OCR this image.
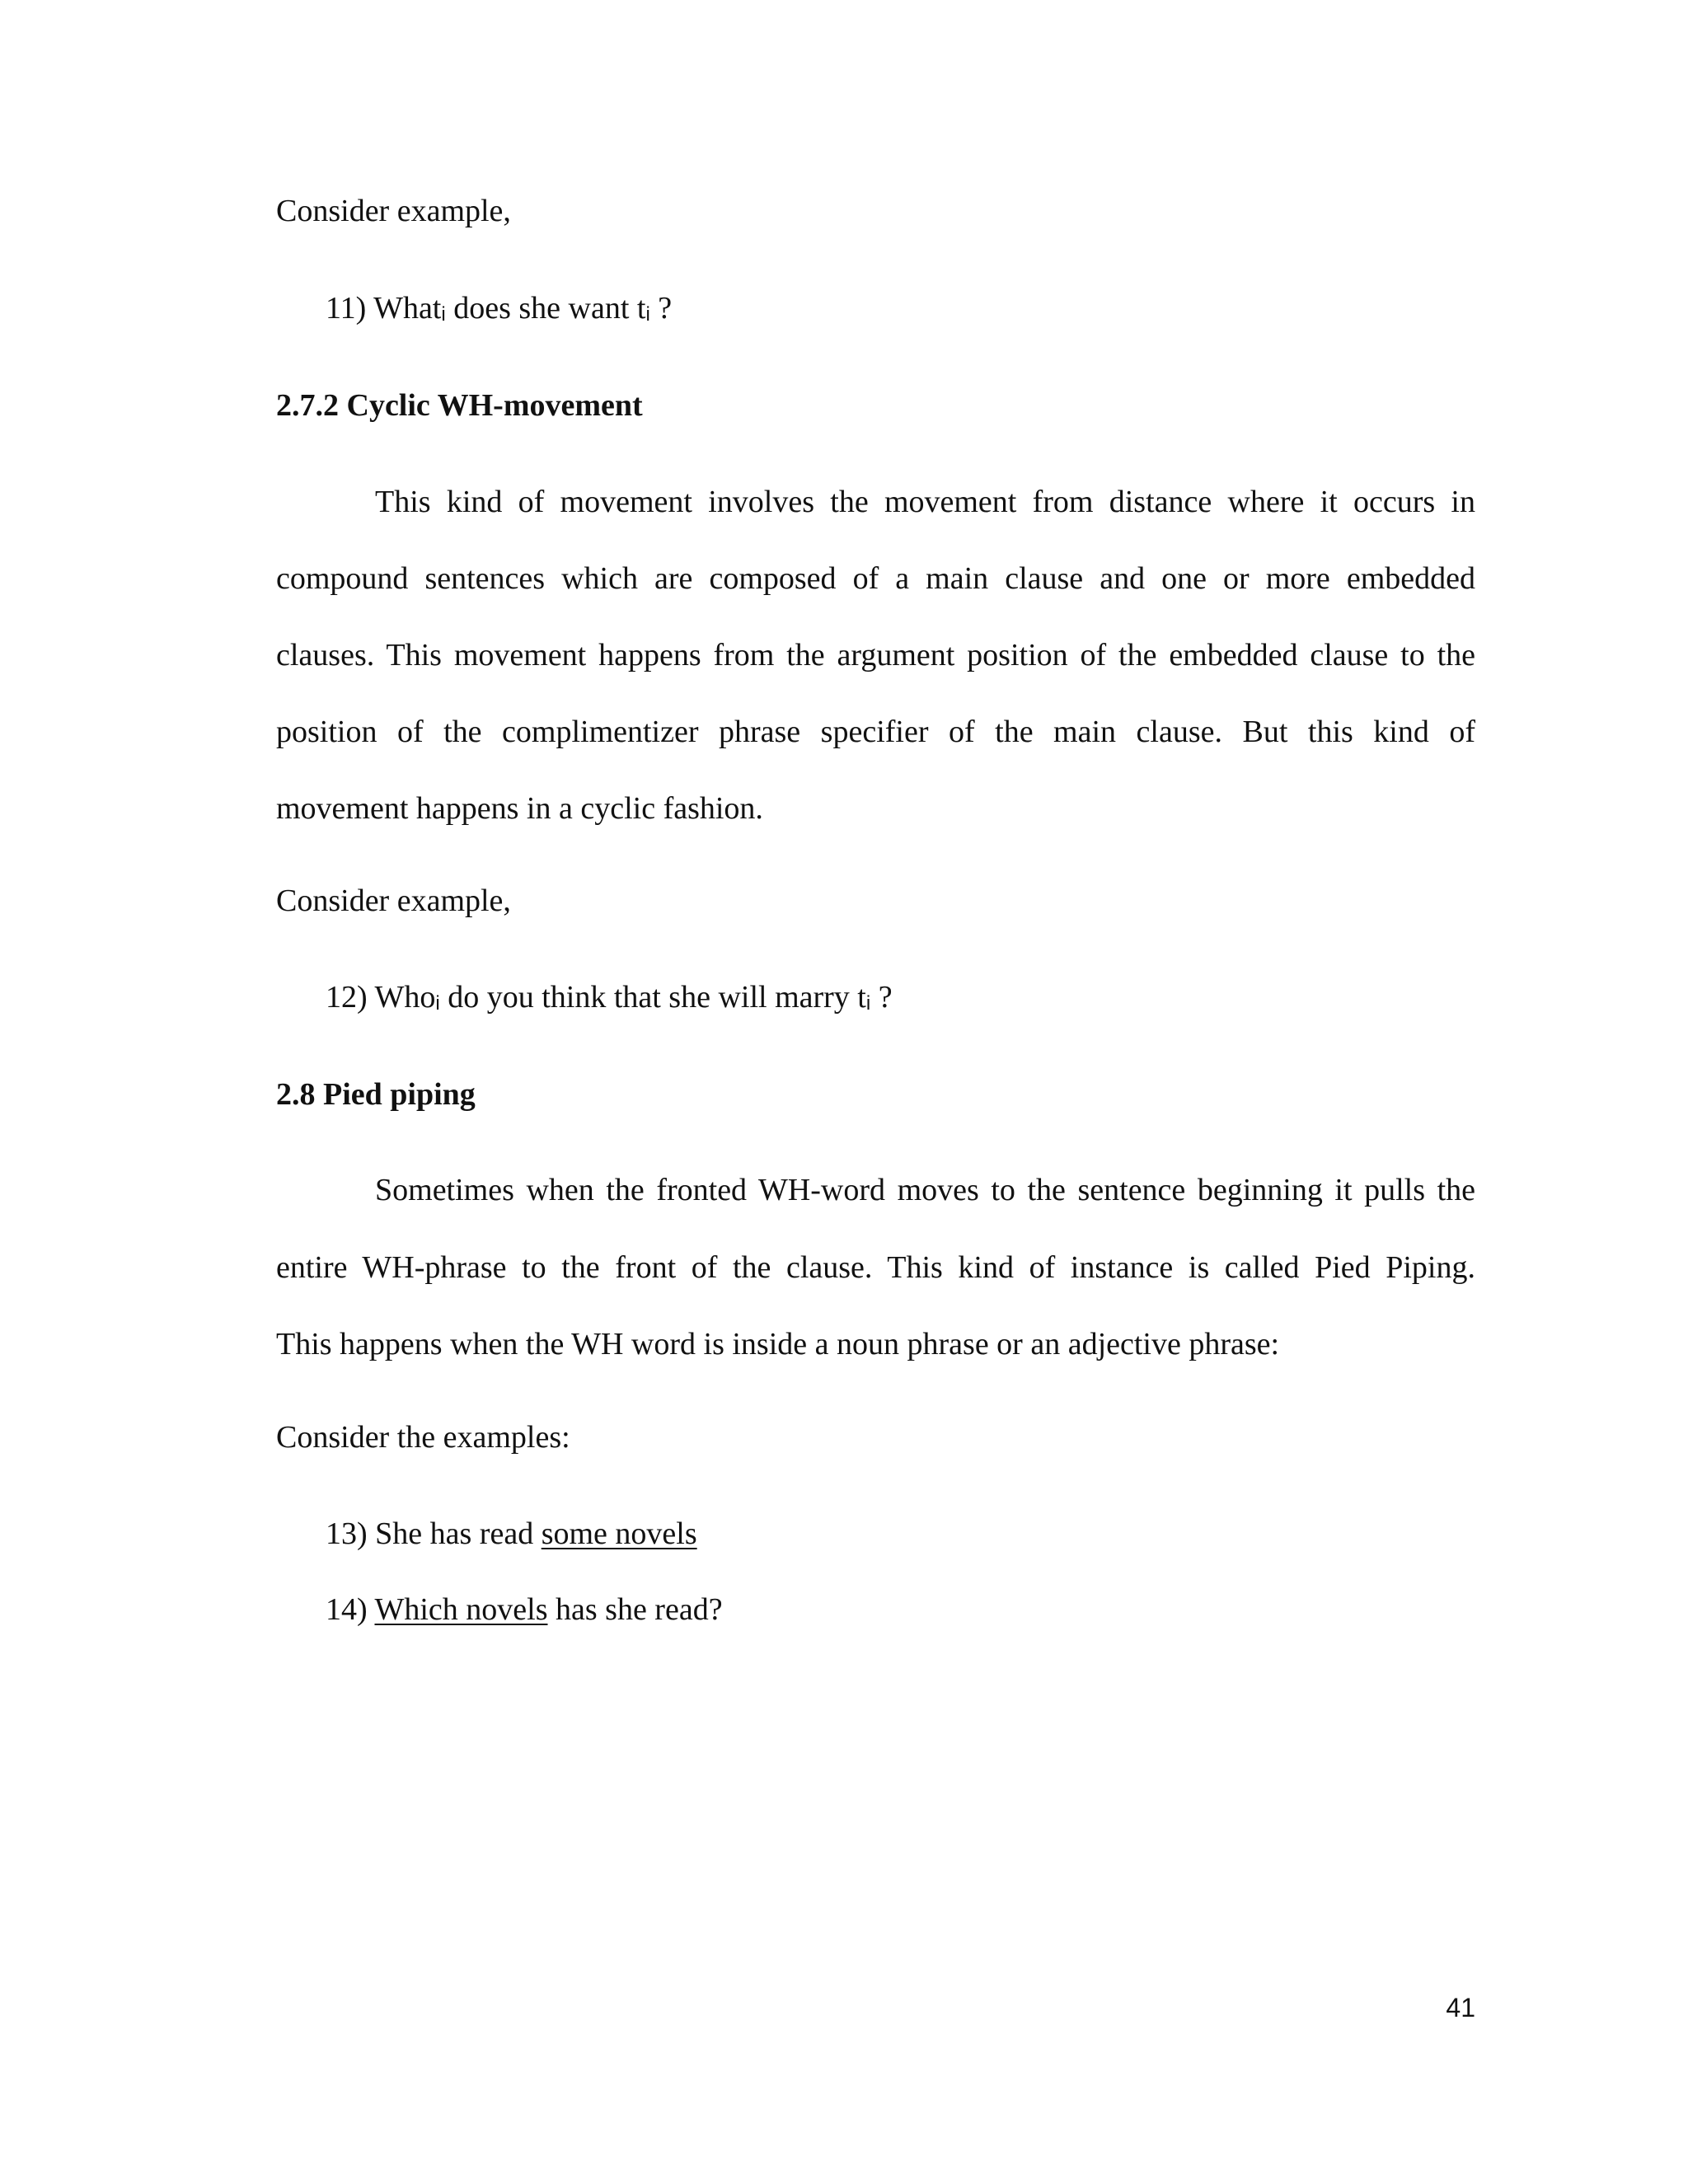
Consider example,
11) Whati does she want ti ?
2.7.2 Cyclic WH-movement
This kind of movement involves the movement from distance where it occurs in
compound sentences which are composed of a main clause and one or more embedded
clauses. This movement happens from the argument position of the embedded clause to the
position of the complimentizer phrase specifier of the main clause. But this kind of
movement happens in a cyclic fashion.
Consider example,
12) Whoi do you think that she will marry ti ?
2.8 Pied piping
Sometimes when the fronted WH-word moves to the sentence beginning it pulls the
entire WH-phrase to the front of the clause. This kind of instance is called Pied Piping.
This happens when the WH word is inside a noun phrase or an adjective phrase:
Consider the examples:
13) She has read some novels
14) Which novels has she read?
41
